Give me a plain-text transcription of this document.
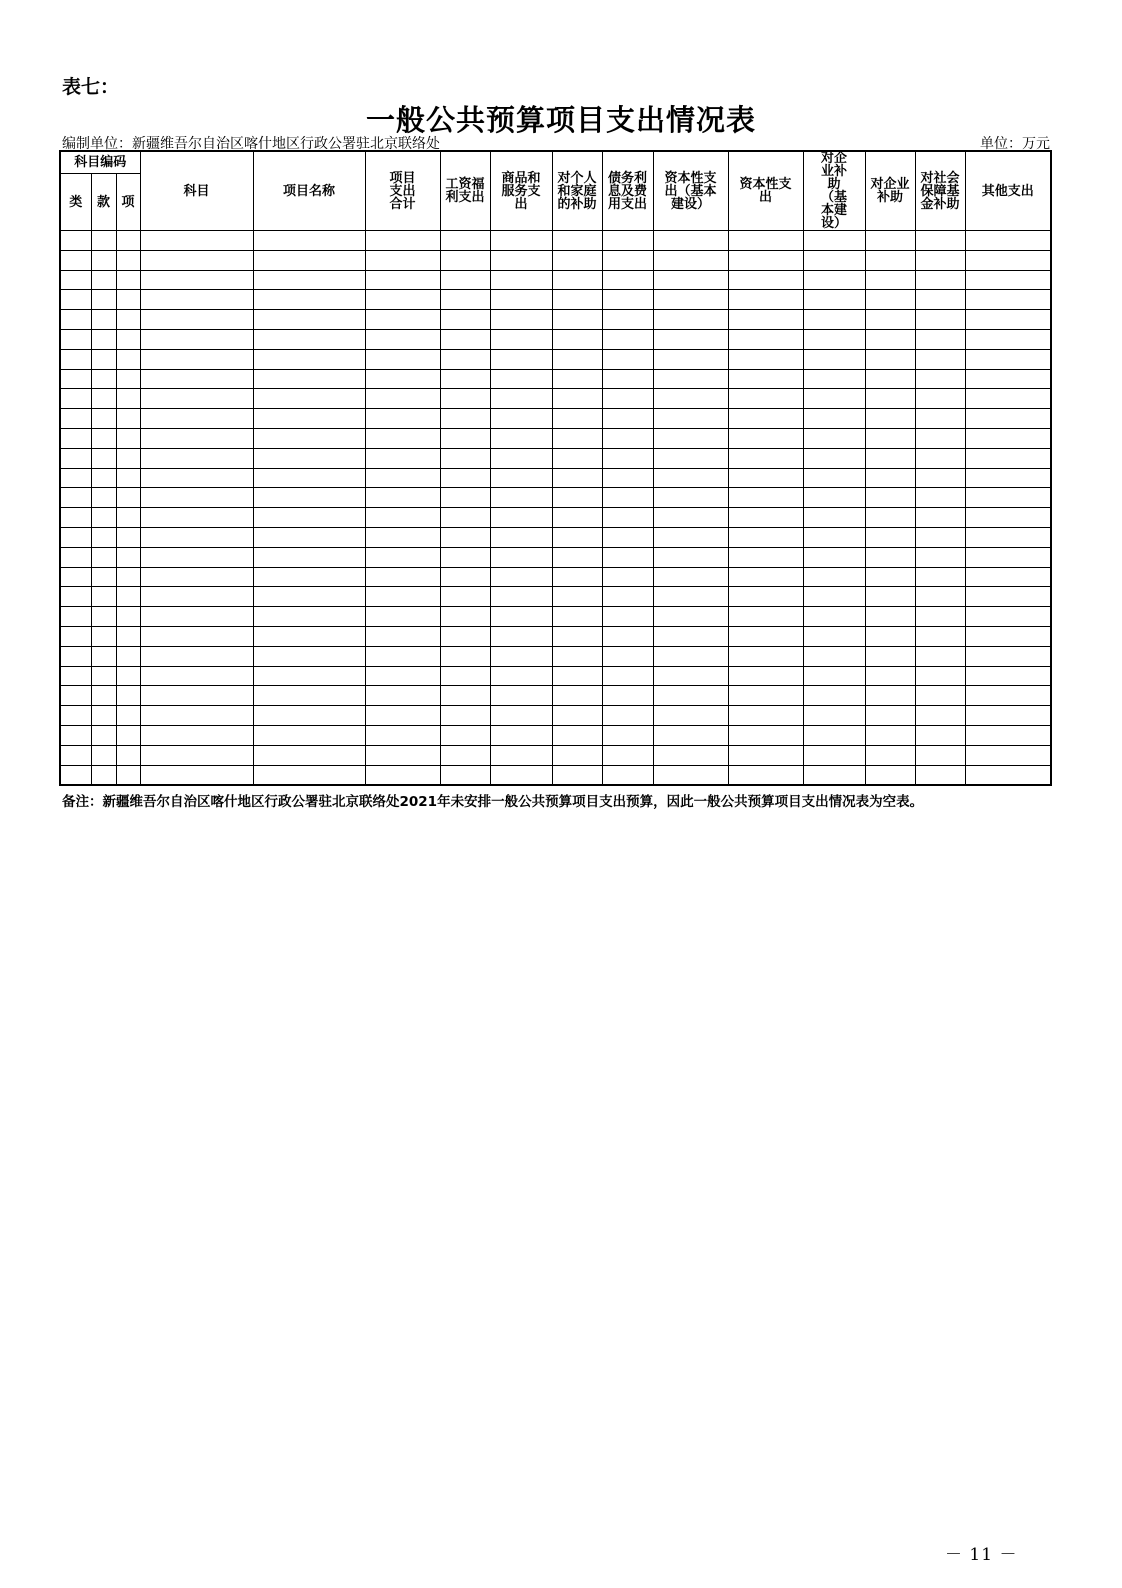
表七：
一般公共预算项目支出情况表
编制单位：新疆维吾尔自治区喀什地区行政公署驻北京联络处	单位：万元
科目编码			科目	项目名称	项目支出合计	工资福利支出	商品和服务支出	对个人和家庭的补助	债务利息及费用支出	资本性支出（基本建设）	资本性支出	对企业补助（基本建设）	对企业补助	对社会保障基金补助	其他支出

类	款	项													

备注：新疆维吾尔自治区喀什地区行政公署驻北京联络处2021年未安排一般公共预算项目支出预算，因此一般公共预算项目支出情况表为空表。
－ 11 －
